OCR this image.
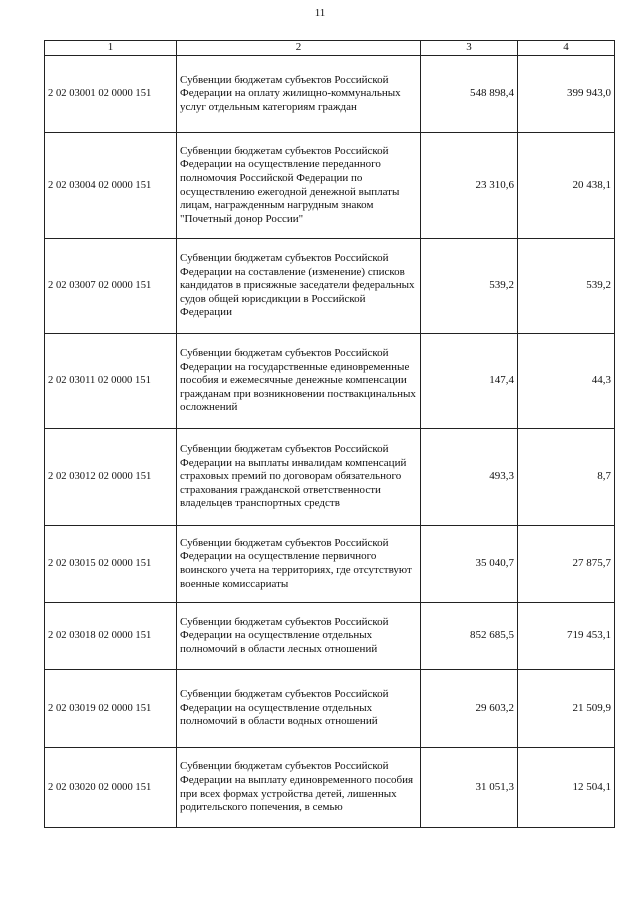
11
1	2	3	4
2 02 03001 02 0000 151	Субвенции бюджетам субъектов Российской Федерации на оплату жилищно-коммунальных услуг отдельным категориям граждан	548 898,4	399 943,0
2 02 03004 02 0000 151	Субвенции бюджетам субъектов Российской Федерации на осуществление переданного полномочия Российской Федерации по осуществлению ежегодной денежной выплаты лицам, награжденным нагрудным знаком "Почетный донор России"	23 310,6	20 438,1
2 02 03007 02 0000 151	Субвенции бюджетам субъектов Российской Федерации на составление (изменение) списков кандидатов в присяжные заседатели федеральных судов общей юрисдикции в Российской Федерации	539,2	539,2
2 02 03011 02 0000 151	Субвенции бюджетам субъектов Российской Федерации на государственные единовременные пособия и ежемесячные денежные компенсации гражданам при возникновении поствакцинальных осложнений	147,4	44,3
2 02 03012 02 0000 151	Субвенции бюджетам субъектов Российской Федерации на выплаты инвалидам компенсаций страховых премий по договорам обязательного страхования гражданской ответственности владельцев транспортных средств	493,3	8,7
2 02 03015 02 0000 151	Субвенции бюджетам субъектов Российской Федерации на осуществление первичного воинского учета на территориях, где отсутствуют военные комиссариаты	35 040,7	27 875,7
2 02 03018 02 0000 151	Субвенции бюджетам субъектов Российской Федерации на осуществление отдельных полномочий в области лесных отношений	852 685,5	719 453,1
2 02 03019 02 0000 151	Субвенции бюджетам субъектов Российской Федерации на осуществление отдельных полномочий в области водных отношений	29 603,2	21 509,9
2 02 03020 02 0000 151	Субвенции бюджетам субъектов Российской Федерации на выплату единовременного пособия при всех формах устройства детей, лишенных родительского попечения, в семью	31 051,3	12 504,1
